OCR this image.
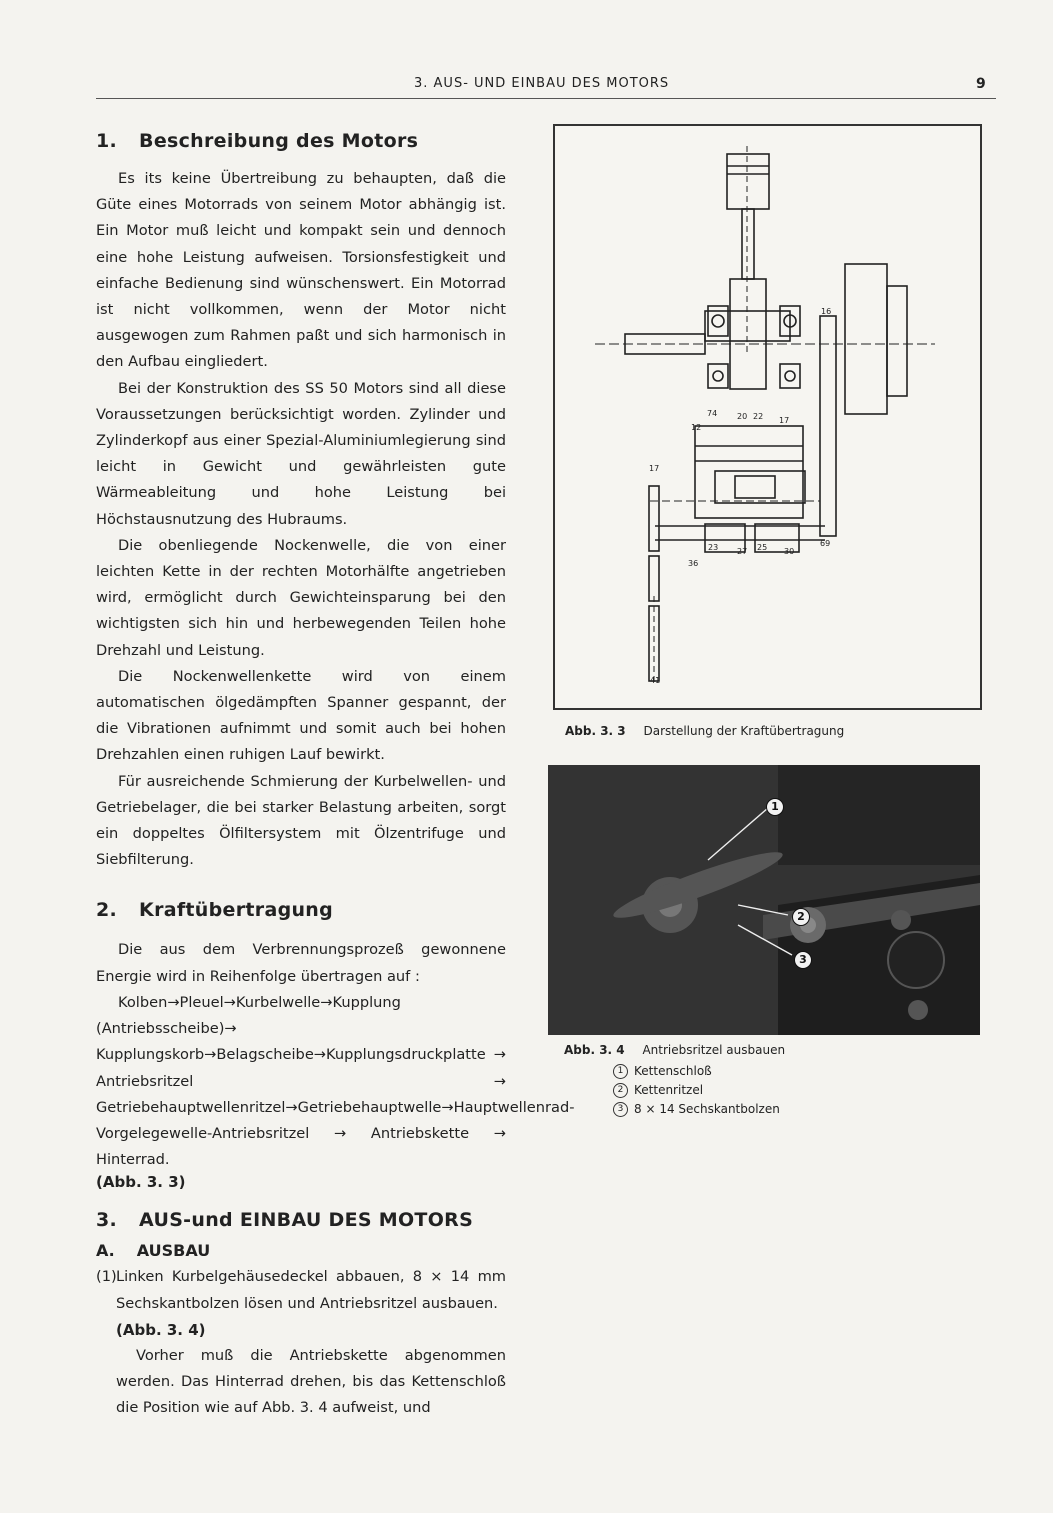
3. AUS- UND EINBAU DES MOTORS	9
1. Beschreibung des Motors

Es its keine Übertreibung zu behaupten, daß die Güte eines Motorrads von seinem Motor abhängig ist. Ein Motor muß leicht und kompakt sein und dennoch eine hohe Leistung aufweisen. Torsionsfestigkeit und einfache Bedienung sind wünschenswert. Ein Motorrad ist nicht vollkommen, wenn der Motor nicht ausgewogen zum Rahmen paßt und sich harmonisch in den Aufbau eingliedert.

Bei der Konstruktion des SS 50 Motors sind all diese Voraussetzungen berücksichtigt worden. Zylinder und Zylinderkopf aus einer Spezial-Aluminiumlegierung sind leicht in Gewicht und gewährleisten gute Wärmeableitung und hohe Leistung bei Höchstausnutzung des Hubraums.

Die obenliegende Nockenwelle, die von einer leichten Kette in der rechten Motorhälfte angetrieben wird, ermöglicht durch Gewichteinsparung bei den wichtigsten sich hin und herbewegenden Teilen hohe Drehzahl und Leistung.

Die Nockenwellenkette wird von einem automatischen ölgedämpften Spanner gespannt, der die Vibrationen aufnimmt und somit auch bei hohen Drehzahlen einen ruhigen Lauf bewirkt.

Für ausreichende Schmierung der Kurbelwellen- und Getriebelager, die bei starker Belastung arbeiten, sorgt ein doppeltes Ölfiltersystem mit Ölzentrifuge und Siebfilterung.

2. Kraftübertragung

Die aus dem Verbrennungsprozeß gewonnene Energie wird in Reihenfolge übertragen auf :

Kolben→Pleuel→Kurbelwelle→Kupplung (Antriebsscheibe)→ Kupplungskorb→Belagscheibe→Kupplungsdruckplatte → Antriebsritzel → Getriebehauptwellenritzel→Getriebehauptwelle→Hauptwellenrad-Vorgelegewelle-Antriebsritzel → Antriebskette → Hinterrad.

(Abb. 3. 3)
3. AUS-und EINBAU DES MOTORS
A. AUSBAU
(1) Linken Kurbelgehäusedeckel abbauen, 8 × 14 mm Sechskantbolzen lösen und Antriebsritzel ausbauen.
(Abb. 3. 4)
Vorher muß die Antriebskette abgenommen werden. Das Hinterrad drehen, bis das Kettenschloß die Position wie auf Abb. 3. 4 aufweist, und
16
74 20 22 17
12
17
23 27 25 30
69
36
41
Abb. 3. 3 Darstellung der Kraftübertragung
1
2
3
Abb. 3. 4 Antriebsritzel ausbauen
1 Kettenschloß
2 Kettenritzel
3 8 × 14 Sechskantbolzen
